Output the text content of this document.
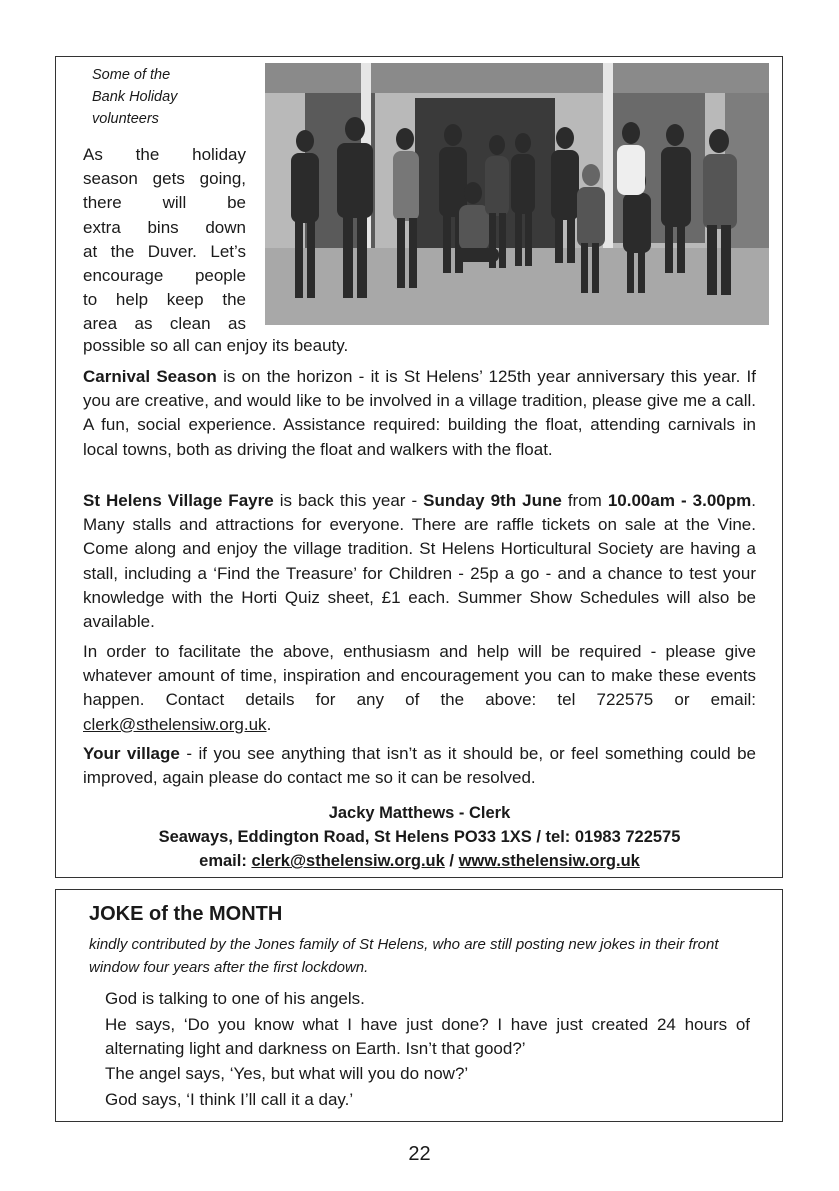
Some of the
Bank Holiday
volunteers
As the holiday
season gets going,
there will be
extra bins down
at the Duver. Let’s
encourage people
to help keep the
area as clean as
possible so all can enjoy its beauty.
Carnival Season is on the horizon - it is St Helens’ 125th year anniversary this year. If you are creative, and would like to be involved in a village tradition, please give me a call. A fun, social experience. Assistance required: building the float, attending carnivals in local towns, both as driving the float and walkers with the float.
St Helens Village Fayre is back this year - Sunday 9th June from 10.00am - 3.00pm. Many stalls and attractions for everyone. There are raffle tickets on sale at the Vine. Come along and enjoy the village tradition. St Helens Horticultural Society are having a stall, including a ‘Find the Treasure’ for Children - 25p a go - and a chance to test your knowledge with the Horti Quiz sheet, £1 each. Summer Show Schedules will also be available.
In order to facilitate the above, enthusiasm and help will be required - please give whatever amount of time, inspiration and encouragement you can to make these events happen. Contact details for any of the above: tel 722575 or email: clerk@sthelensiw.org.uk.
Your village - if you see anything that isn’t as it should be, or feel something could be improved, again please do contact me so it can be resolved.
Jacky Matthews - Clerk
Seaways, Eddington Road, St Helens PO33 1XS / tel: 01983 722575
email: clerk@sthelensiw.org.uk / www.sthelensiw.org.uk
JOKE of the MONTH
kindly contributed by the Jones family of St Helens, who are still posting new jokes in their front window four years after the first lockdown.

God is talking to one of his angels.

He says, ‘Do you know what I have just done? I have just created 24 hours of alternating light and darkness on Earth. Isn’t that good?’

The angel says, ‘Yes, but what will you do now?’

God says, ‘I think I’ll call it a day.’

22
